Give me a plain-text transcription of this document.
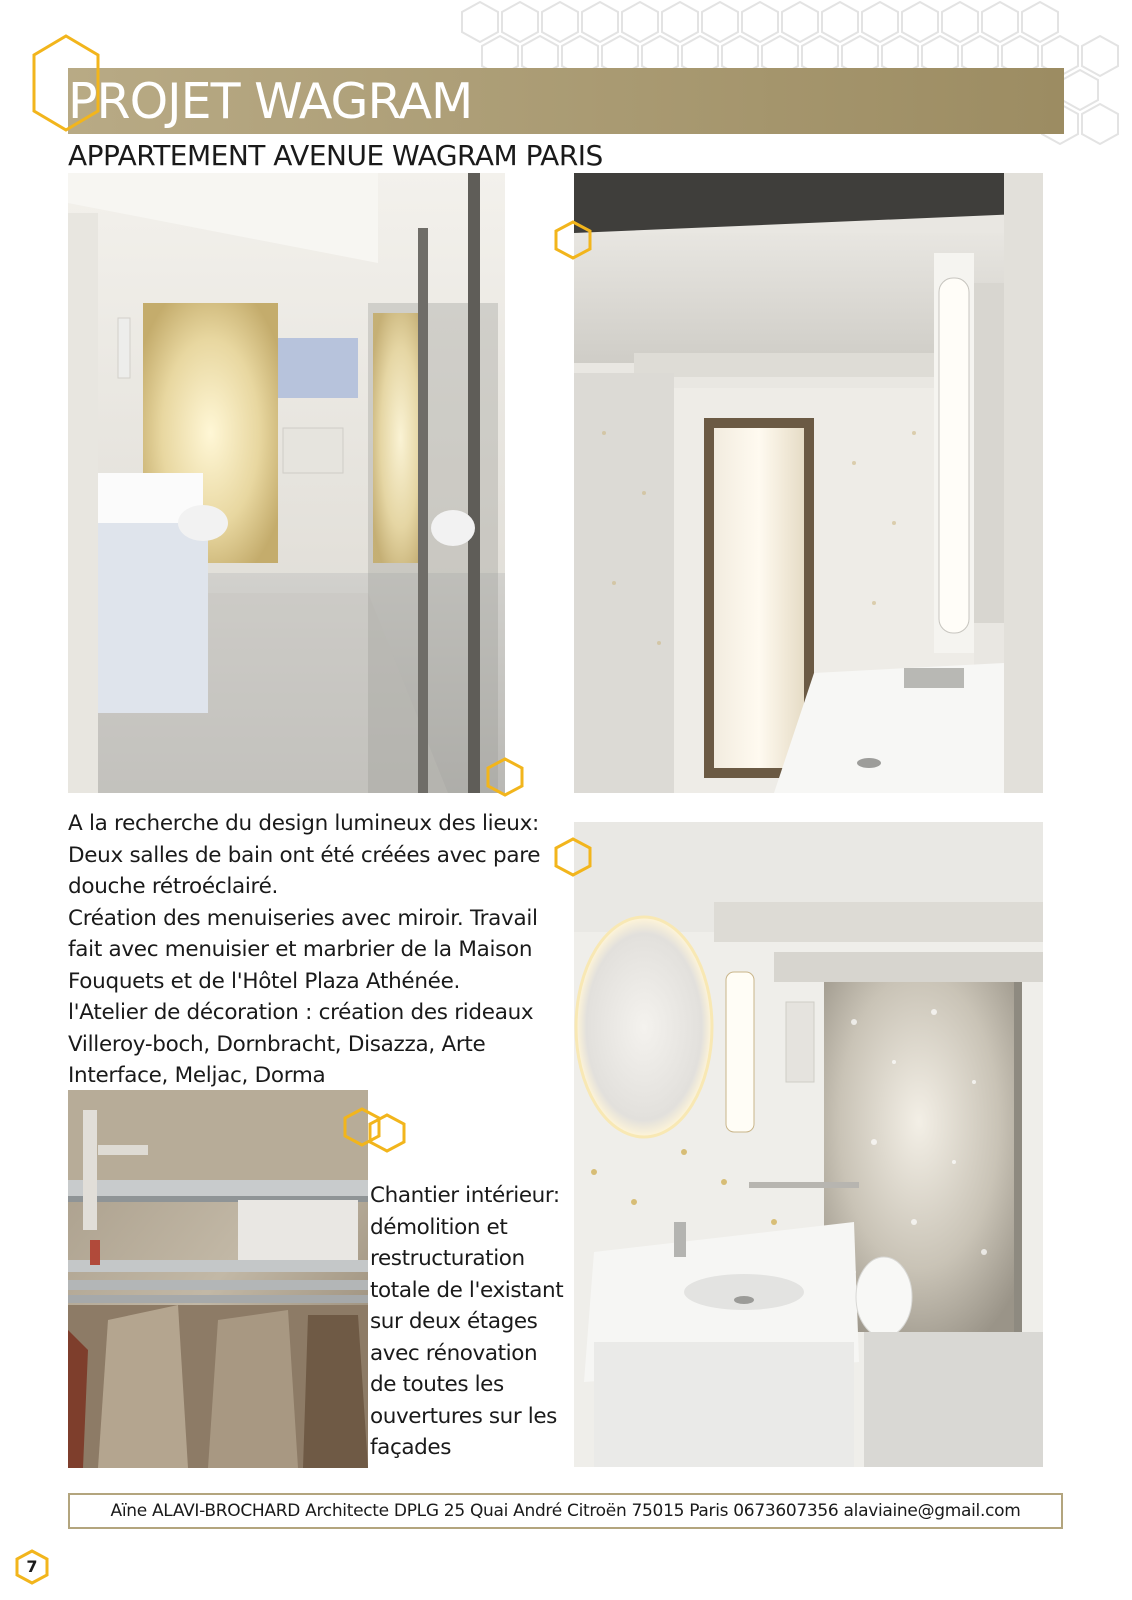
PROJET WAGRAM
APPARTEMENT AVENUE WAGRAM PARIS
A la recherche du design lumineux des lieux:
Deux salles de bain ont été créées avec pare
douche rétroéclairé.
Création des menuiseries avec miroir. Travail
fait avec menuisier et marbrier de la Maison
Fouquets et de l'Hôtel Plaza Athénée.
l'Atelier de décoration : création des rideaux
Villeroy-boch, Dornbracht, Disazza, Arte
Interface, Meljac, Dorma
Chantier intérieur:
démolition et
restructuration
totale de l'existant
sur deux étages
avec rénovation
de toutes les
ouvertures sur les
façades
Aïne ALAVI-BROCHARD Architecte DPLG 25 Quai André Citroën 75015 Paris 0673607356 alaviaine@gmail.com
7
